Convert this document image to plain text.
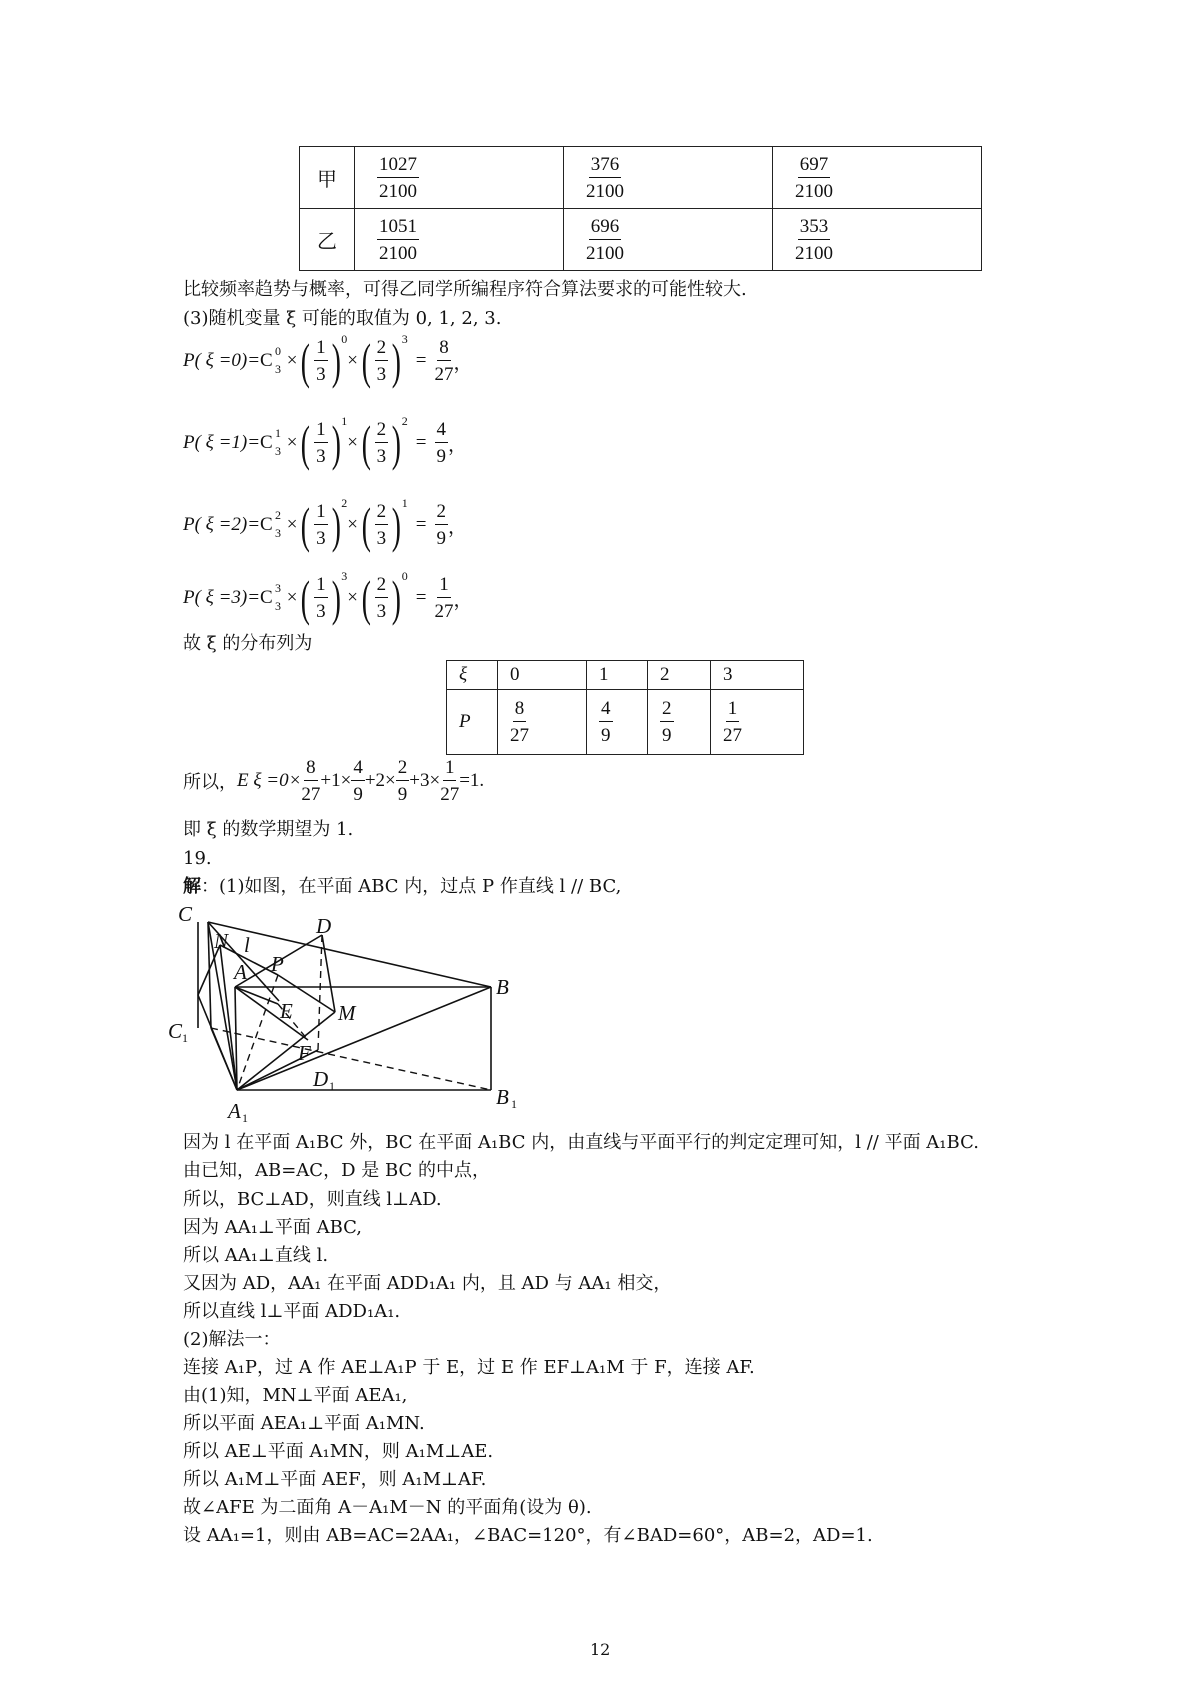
甲	$\frac{1027}{2100}$	$\frac{376}{2100}$	$\frac{697}{2100}$

乙	$\frac{1051}{2100}$	$\frac{696}{2100}$	$\frac{353}{2100}$
比较频率趋势与概率，可得乙同学所编程序符合算法要求的可能性较大.
(3)随机变量 ξ 可能的取值为 0, 1, 2, 3.
P( ξ =0)= C 0
3 × ( 1
3 ) 0
× ( 2
3 ) 3
= $\frac{8}{27}$ ，
P( ξ =1)= C 1
3 × ( 1
3 ) 1
× ( 2
3 ) 2
= $\frac{4}{9}$ ，
P( ξ =2)= C 2
3 × ( 1
3 ) 2
× ( 2
3 ) 1
= $\frac{2}{9}$ ，
P( ξ =3)= C 3
3 × ( 1
3 ) 3
× ( 2
3 ) 0
= $\frac{1}{27}$ ，
故 ξ 的分布列为
ξ	0	1	2	3
P	$\frac{8}{27}$	$\frac{4}{9}$	$\frac{2}{9}$	$\frac{1}{27}$
所以， E $\xi =0\times \frac{8}{27} +1\times \frac{4}{9} +2\times \frac{2}{9} +3\times \frac{1}{27} =1$.
即 ξ 的数学期望为 1.
19.
解：(1)如图，在平面 ABC 内，过点 P 作直线 l // BC,
C
N l
D
A P
B
E M
C 1
F
D 1	B 1
A 1
因为 l 在平面 A₁BC 外，BC 在平面 A₁BC 内，由直线与平面平行的判定定理可知，l // 平面 A₁BC.
由已知，AB=AC，D 是 BC 的中点，
所以，BC⊥AD，则直线 l⊥AD.
因为 AA₁⊥平面 ABC,
所以 AA₁⊥直线 l.
又因为 AD，AA₁ 在平面 ADD₁A₁ 内，且 AD 与 AA₁ 相交，
所以直线 l⊥平面 ADD₁A₁.
(2)解法一：
连接 A₁P，过 A 作 AE⊥A₁P 于 E，过 E 作 EF⊥A₁M 于 F，连接 AF.
由(1)知，MN⊥平面 AEA₁,
所以平面 AEA₁⊥平面 A₁MN.
所以 AE⊥平面 A₁MN，则 A₁M⊥AE.
所以 A₁M⊥平面 AEF，则 A₁M⊥AF.
故∠AFE 为二面角 A－A₁M－N 的平面角(设为 θ).
设 AA₁=1，则由 AB=AC=2AA₁，∠BAC=120°，有∠BAD=60°，AB=2，AD=1.
12
